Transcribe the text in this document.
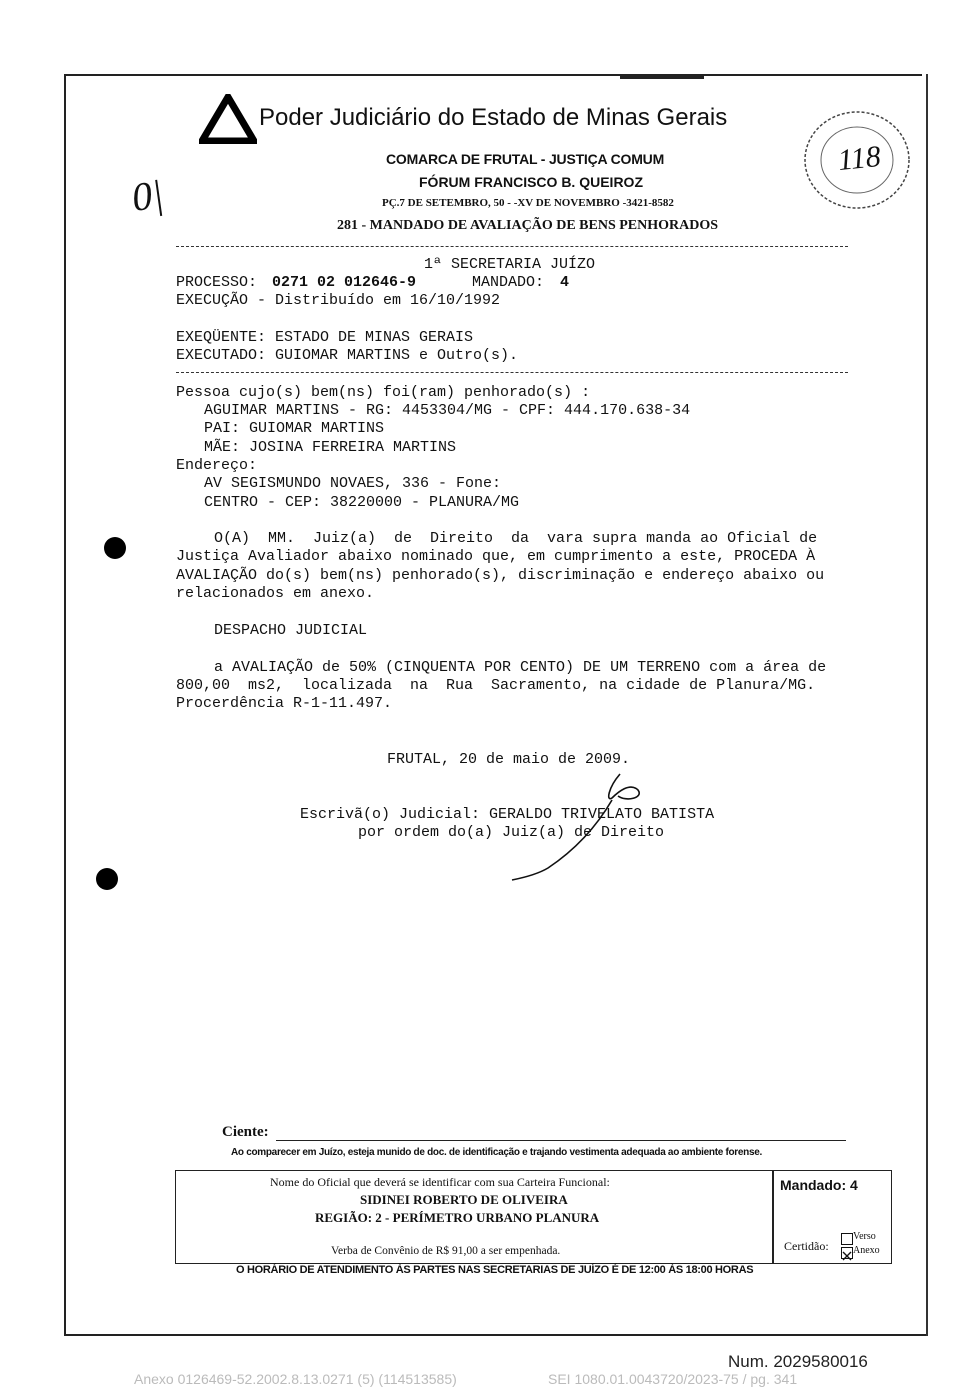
0|
Poder Judiciário do Estado de Minas Gerais
118
COMARCA DE FRUTAL - JUSTIÇA COMUM
FÓRUM FRANCISCO B. QUEIROZ
PÇ.7 DE SETEMBRO, 50 - -XV DE NOVEMBRO -3421-8582
281 - MANDADO DE AVALIAÇÃO DE BENS PENHORADOS
1ª SECRETARIA JUÍZO
PROCESSO: 0271 02 012646-9	MANDADO: 4
EXECUÇÃO - Distribuído em 16/10/1992
EXEQÜENTE: ESTADO DE MINAS GERAIS
EXECUTADO: GUIOMAR MARTINS e Outro(s).
Pessoa cujo(s) bem(ns) foi(ram) penhorado(s) :
AGUIMAR MARTINS - RG: 4453304/MG - CPF: 444.170.638-34
PAI: GUIOMAR MARTINS
MÃE: JOSINA FERREIRA MARTINS
Endereço:
AV SEGISMUNDO NOVAES, 336 - Fone:
CENTRO - CEP: 38220000 - PLANURA/MG
O(A)  MM.  Juiz(a)  de  Direito  da  vara supra manda ao Oficial de
Justiça Avaliador abaixo nominado que, em cumprimento a este, PROCEDA À
AVALIAÇÃO do(s) bem(ns) penhorado(s), discriminação e endereço abaixo ou
relacionados em anexo.
DESPACHO JUDICIAL
a AVALIAÇÃO de 50% (CINQUENTA POR CENTO) DE UM TERRENO com a área de
800,00  ms2,  localizada  na  Rua  Sacramento, na cidade de Planura/MG.
Procerdência R-1-11.497.
FRUTAL, 20 de maio de 2009.
Escrivã(o) Judicial: GERALDO TRIVELATO BATISTA
por ordem do(a) Juiz(a) de Direito
Ciente:
Ao comparecer em Juízo, esteja munido de doc. de identificação e trajando vestimenta adequada ao ambiente forense.
Nome do Oficial que deverá se identificar com sua Carteira Funcional:
SIDINEI ROBERTO DE OLIVEIRA
REGIÃO: 2 - PERÍMETRO URBANO PLANURA
Verba de Convênio de R$ 91,00 a ser empenhada.
Mandado: 4
Certidão:
Verso
Anexo
O HORÁRIO DE ATENDIMENTO ÀS PARTES NAS SECRETARIAS DE JUÍZO É DE 12:00 ÀS 18:00 HORAS
Num. 2029580016
Anexo 0126469-52.2002.8.13.0271 (5) (114513585)	SEI 1080.01.0043720/2023-75 / pg. 341
